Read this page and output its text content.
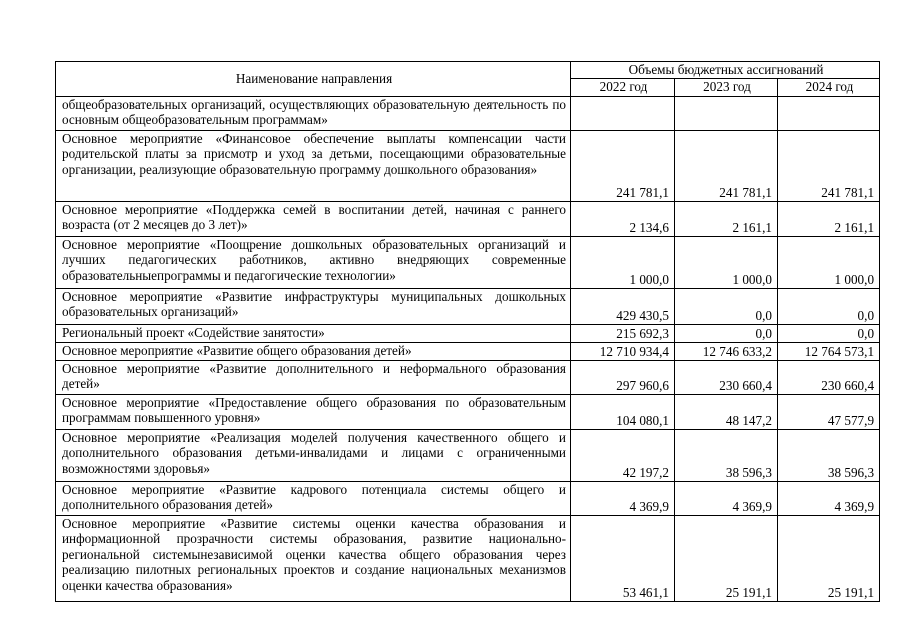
Наименование направления	Объемы бюджетных ассигнований		
	2022 год	2023 год	2024 год
общеобразовательных организаций, осуществляющих образовательную деятельность по основным общеобразовательным программам»			
Основное мероприятие «Финансовое обеспечение выплаты компенсации части родительской платы за присмотр и уход за детьми, посещающими образовательные организации, реализующие образовательную программу дошкольного образования»	241 781,1	241 781,1	241 781,1
Основное мероприятие «Поддержка семей в воспитании детей, начиная с раннего возраста (от 2 месяцев до 3 лет)»	2 134,6	2 161,1	2 161,1
Основное мероприятие «Поощрение дошкольных образовательных организаций и лучших педагогических работников, активно внедряющих современные образовательныепрограммы и педагогические технологии»	1 000,0	1 000,0	1 000,0
Основное мероприятие «Развитие инфраструктуры муниципальных дошкольных образовательных организаций»	429 430,5	0,0	0,0
Региональный проект «Содействие занятости»	215 692,3	0,0	0,0
Основное мероприятие «Развитие общего образования детей»	12 710 934,4	12 746 633,2	12 764 573,1
Основное мероприятие «Развитие дополнительного и неформального образования детей»	297 960,6	230 660,4	230 660,4
Основное мероприятие «Предоставление общего образования по образовательным программам повышенного уровня»	104 080,1	48 147,2	47 577,9
Основное мероприятие «Реализация моделей получения качественного общего и дополнительного образования детьми-инвалидами и лицами с ограниченными возможностями здоровья»	42 197,2	38 596,3	38 596,3
Основное мероприятие «Развитие кадрового потенциала системы общего и дополнительного образования детей»	4 369,9	4 369,9	4 369,9
Основное мероприятие «Развитие системы оценки качества образования и информационной прозрачности системы образования, развитие национально-региональной системынезависимой оценки качества общего образования через реализацию пилотных региональных проектов и создание национальных механизмов оценки качества образования»	53 461,1	25 191,1	25 191,1
